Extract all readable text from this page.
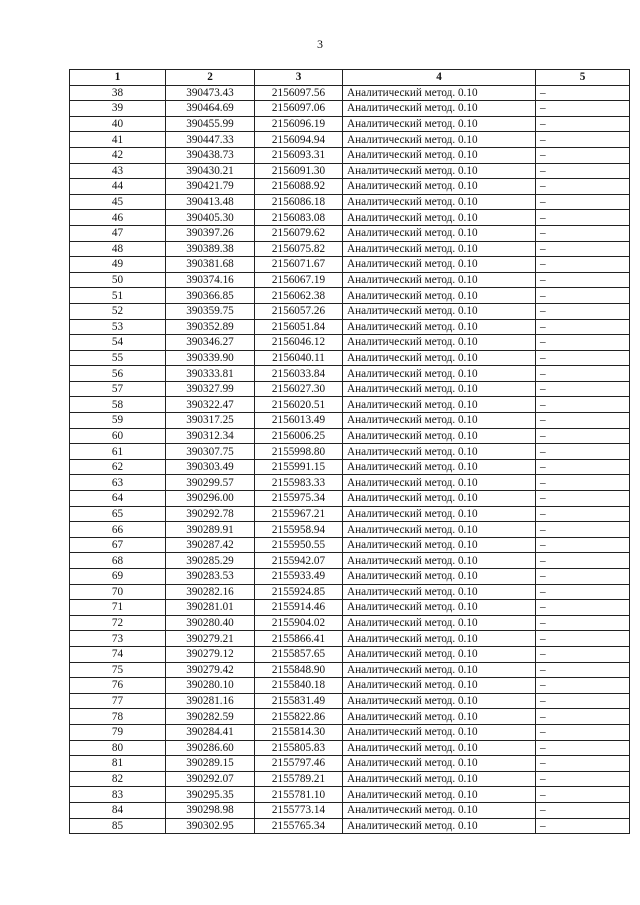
3
1	2	3	4	5
38	390473.43	2156097.56	Аналитический метод. 0.10	–
39	390464.69	2156097.06	Аналитический метод. 0.10	–
40	390455.99	2156096.19	Аналитический метод. 0.10	–
41	390447.33	2156094.94	Аналитический метод. 0.10	–
42	390438.73	2156093.31	Аналитический метод. 0.10	–
43	390430.21	2156091.30	Аналитический метод. 0.10	–
44	390421.79	2156088.92	Аналитический метод. 0.10	–
45	390413.48	2156086.18	Аналитический метод. 0.10	–
46	390405.30	2156083.08	Аналитический метод. 0.10	–
47	390397.26	2156079.62	Аналитический метод. 0.10	–
48	390389.38	2156075.82	Аналитический метод. 0.10	–
49	390381.68	2156071.67	Аналитический метод. 0.10	–
50	390374.16	2156067.19	Аналитический метод. 0.10	–
51	390366.85	2156062.38	Аналитический метод. 0.10	–
52	390359.75	2156057.26	Аналитический метод. 0.10	–
53	390352.89	2156051.84	Аналитический метод. 0.10	–
54	390346.27	2156046.12	Аналитический метод. 0.10	–
55	390339.90	2156040.11	Аналитический метод. 0.10	–
56	390333.81	2156033.84	Аналитический метод. 0.10	–
57	390327.99	2156027.30	Аналитический метод. 0.10	–
58	390322.47	2156020.51	Аналитический метод. 0.10	–
59	390317.25	2156013.49	Аналитический метод. 0.10	–
60	390312.34	2156006.25	Аналитический метод. 0.10	–
61	390307.75	2155998.80	Аналитический метод. 0.10	–
62	390303.49	2155991.15	Аналитический метод. 0.10	–
63	390299.57	2155983.33	Аналитический метод. 0.10	–
64	390296.00	2155975.34	Аналитический метод. 0.10	–
65	390292.78	2155967.21	Аналитический метод. 0.10	–
66	390289.91	2155958.94	Аналитический метод. 0.10	–
67	390287.42	2155950.55	Аналитический метод. 0.10	–
68	390285.29	2155942.07	Аналитический метод. 0.10	–
69	390283.53	2155933.49	Аналитический метод. 0.10	–
70	390282.16	2155924.85	Аналитический метод. 0.10	–
71	390281.01	2155914.46	Аналитический метод. 0.10	–
72	390280.40	2155904.02	Аналитический метод. 0.10	–
73	390279.21	2155866.41	Аналитический метод. 0.10	–
74	390279.12	2155857.65	Аналитический метод. 0.10	–
75	390279.42	2155848.90	Аналитический метод. 0.10	–
76	390280.10	2155840.18	Аналитический метод. 0.10	–
77	390281.16	2155831.49	Аналитический метод. 0.10	–
78	390282.59	2155822.86	Аналитический метод. 0.10	–
79	390284.41	2155814.30	Аналитический метод. 0.10	–
80	390286.60	2155805.83	Аналитический метод. 0.10	–
81	390289.15	2155797.46	Аналитический метод. 0.10	–
82	390292.07	2155789.21	Аналитический метод. 0.10	–
83	390295.35	2155781.10	Аналитический метод. 0.10	–
84	390298.98	2155773.14	Аналитический метод. 0.10	–
85	390302.95	2155765.34	Аналитический метод. 0.10	–
